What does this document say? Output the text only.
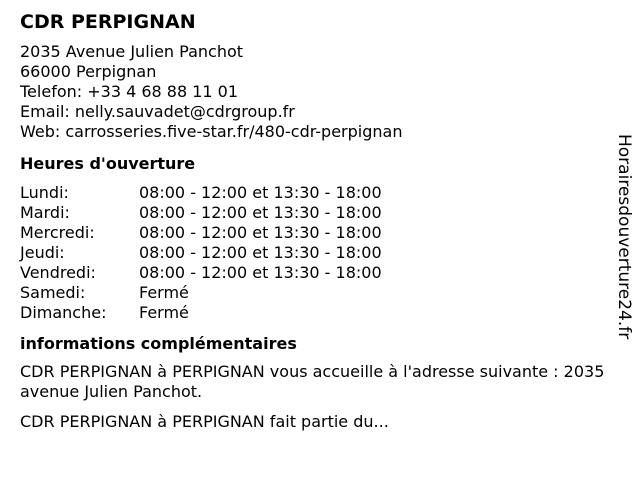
CDR PERPIGNAN
2035 Avenue Julien Panchot
66000 Perpignan
Telefon: +33 4 68 88 11 01
Email: nelly.sauvadet@cdrgroup.fr
Web: carrosseries.five-star.fr/480-cdr-perpignan
Heures d'ouverture
Lundi:	08:00 - 12:00 et 13:30 - 18:00
Mardi:	08:00 - 12:00 et 13:30 - 18:00
Mercredi:	08:00 - 12:00 et 13:30 - 18:00
Jeudi:	08:00 - 12:00 et 13:30 - 18:00
Vendredi:	08:00 - 12:00 et 13:30 - 18:00
Samedi:	Fermé
Dimanche:	Fermé
informations complémentaires

CDR PERPIGNAN à PERPIGNAN vous accueille à l'adresse suivante : 2035 avenue Julien Panchot.

CDR PERPIGNAN à PERPIGNAN fait partie du...

Horairesdouverture24.fr
